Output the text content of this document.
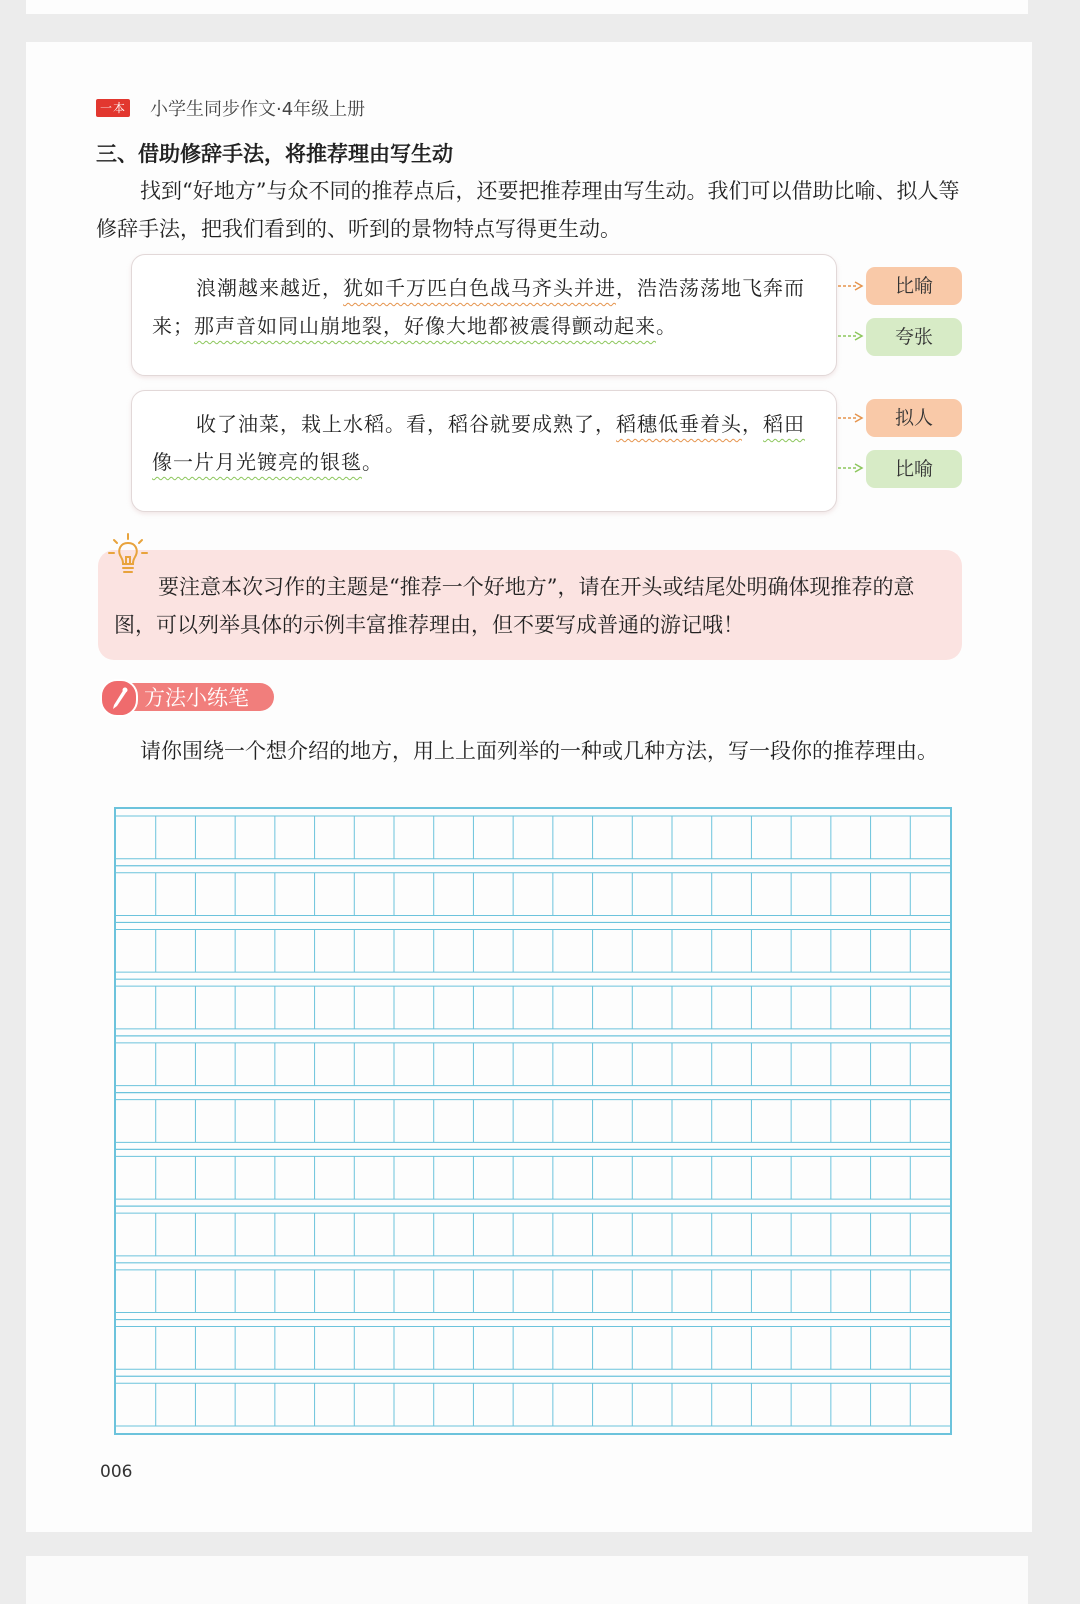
一本 小学生同步作文·4年级上册
三、借助修辞手法，将推荐理由写生动

找到“好地方”与众不同的推荐点后，还要把推荐理由写生动。我们可以借助比喻、拟人等修辞手法，把我们看到的、听到的景物特点写得更生动。

浪潮越来越近，犹如千万匹白色战马齐头并进，浩浩荡荡地飞奔而来；那声音如同山崩地裂，好像大地都被震得颤动起来。

比喻
夸张

收了油菜，栽上水稻。看，稻谷就要成熟了，稻穗低垂着头，稻田像一片月光镀亮的银毯。

拟人
比喻

要注意本次习作的主题是“推荐一个好地方”，请在开头或结尾处明确体现推荐的意图，可以列举具体的示例丰富推荐理由，但不要写成普通的游记哦！

方法小练笔

请你围绕一个想介绍的地方，用上上面列举的一种或几种方法，写一段你的推荐理由。

006
